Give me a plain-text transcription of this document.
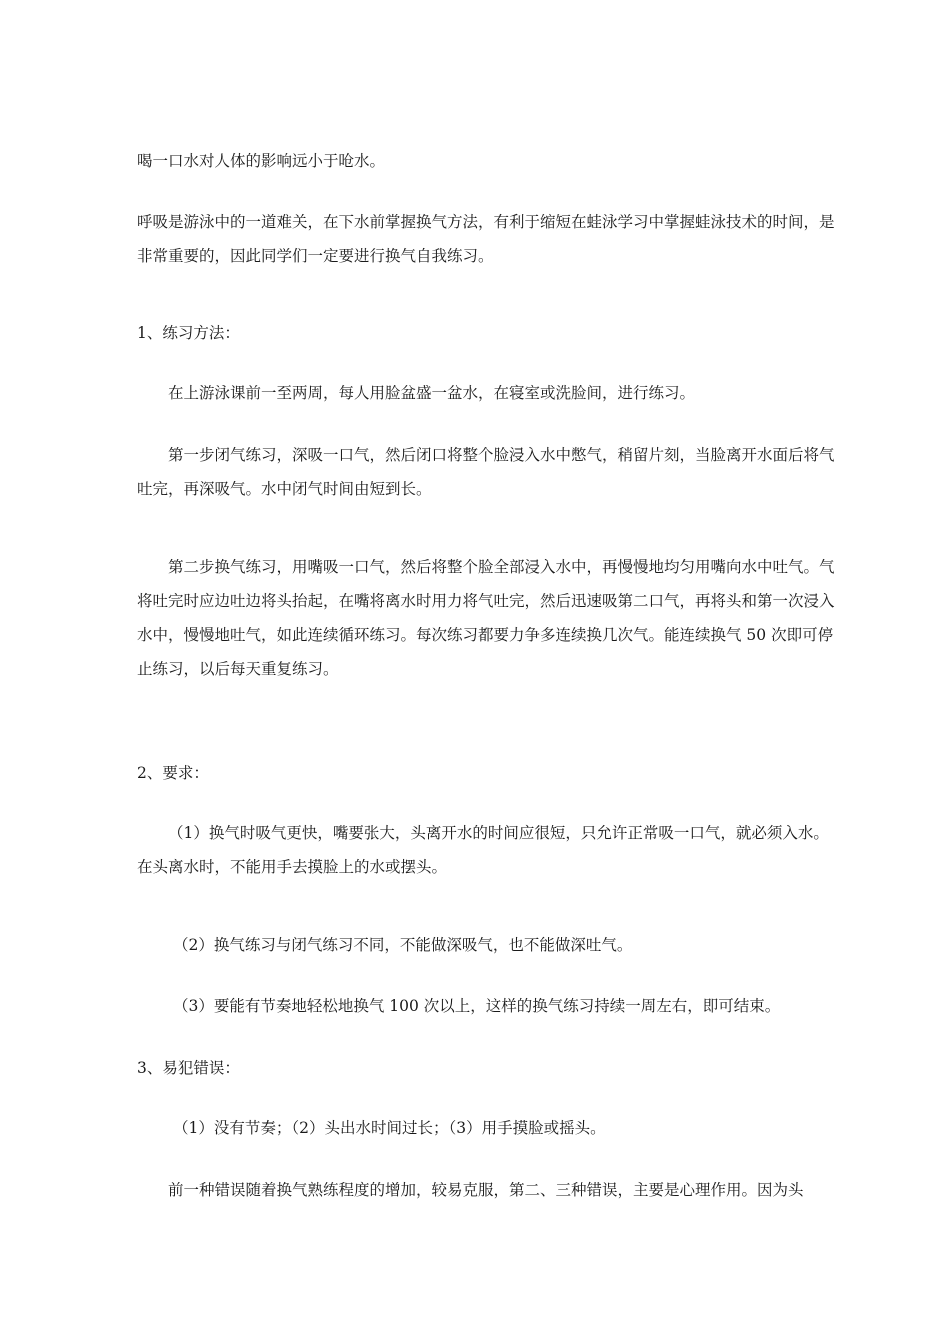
喝一口水对人体的影响远小于呛水。

呼吸是游泳中的一道难关，在下水前掌握换气方法，有利于缩短在蛙泳学习中掌握蛙泳技术的时间，是非常重要的，因此同学们一定要进行换气自我练习。

1、练习方法：

在上游泳课前一至两周，每人用脸盆盛一盆水，在寝室或洗脸间，进行练习。

第一步闭气练习，深吸一口气，然后闭口将整个脸浸入水中憋气，稍留片刻，当脸离开水面后将气吐完，再深吸气。水中闭气时间由短到长。

第二步换气练习，用嘴吸一口气，然后将整个脸全部浸入水中，再慢慢地均匀用嘴向水中吐气。气将吐完时应边吐边将头抬起，在嘴将离水时用力将气吐完，然后迅速吸第二口气，再将头和第一次浸入水中，慢慢地吐气，如此连续循环练习。每次练习都要力争多连续换几次气。能连续换气 50 次即可停止练习，以后每天重复练习。

2、要求：

（1）换气时吸气更快，嘴要张大，头离开水的时间应很短，只允许正常吸一口气，就必须入水。在头离水时，不能用手去摸脸上的水或摆头。

（2）换气练习与闭气练习不同，不能做深吸气，也不能做深吐气。

（3）要能有节奏地轻松地换气 100 次以上，这样的换气练习持续一周左右，即可结束。

3、易犯错误：

（1）没有节奏；（2）头出水时间过长；（3）用手摸脸或摇头。

前一种错误随着换气熟练程度的增加，较易克服，第二、三种错误，主要是心理作用。因为头
